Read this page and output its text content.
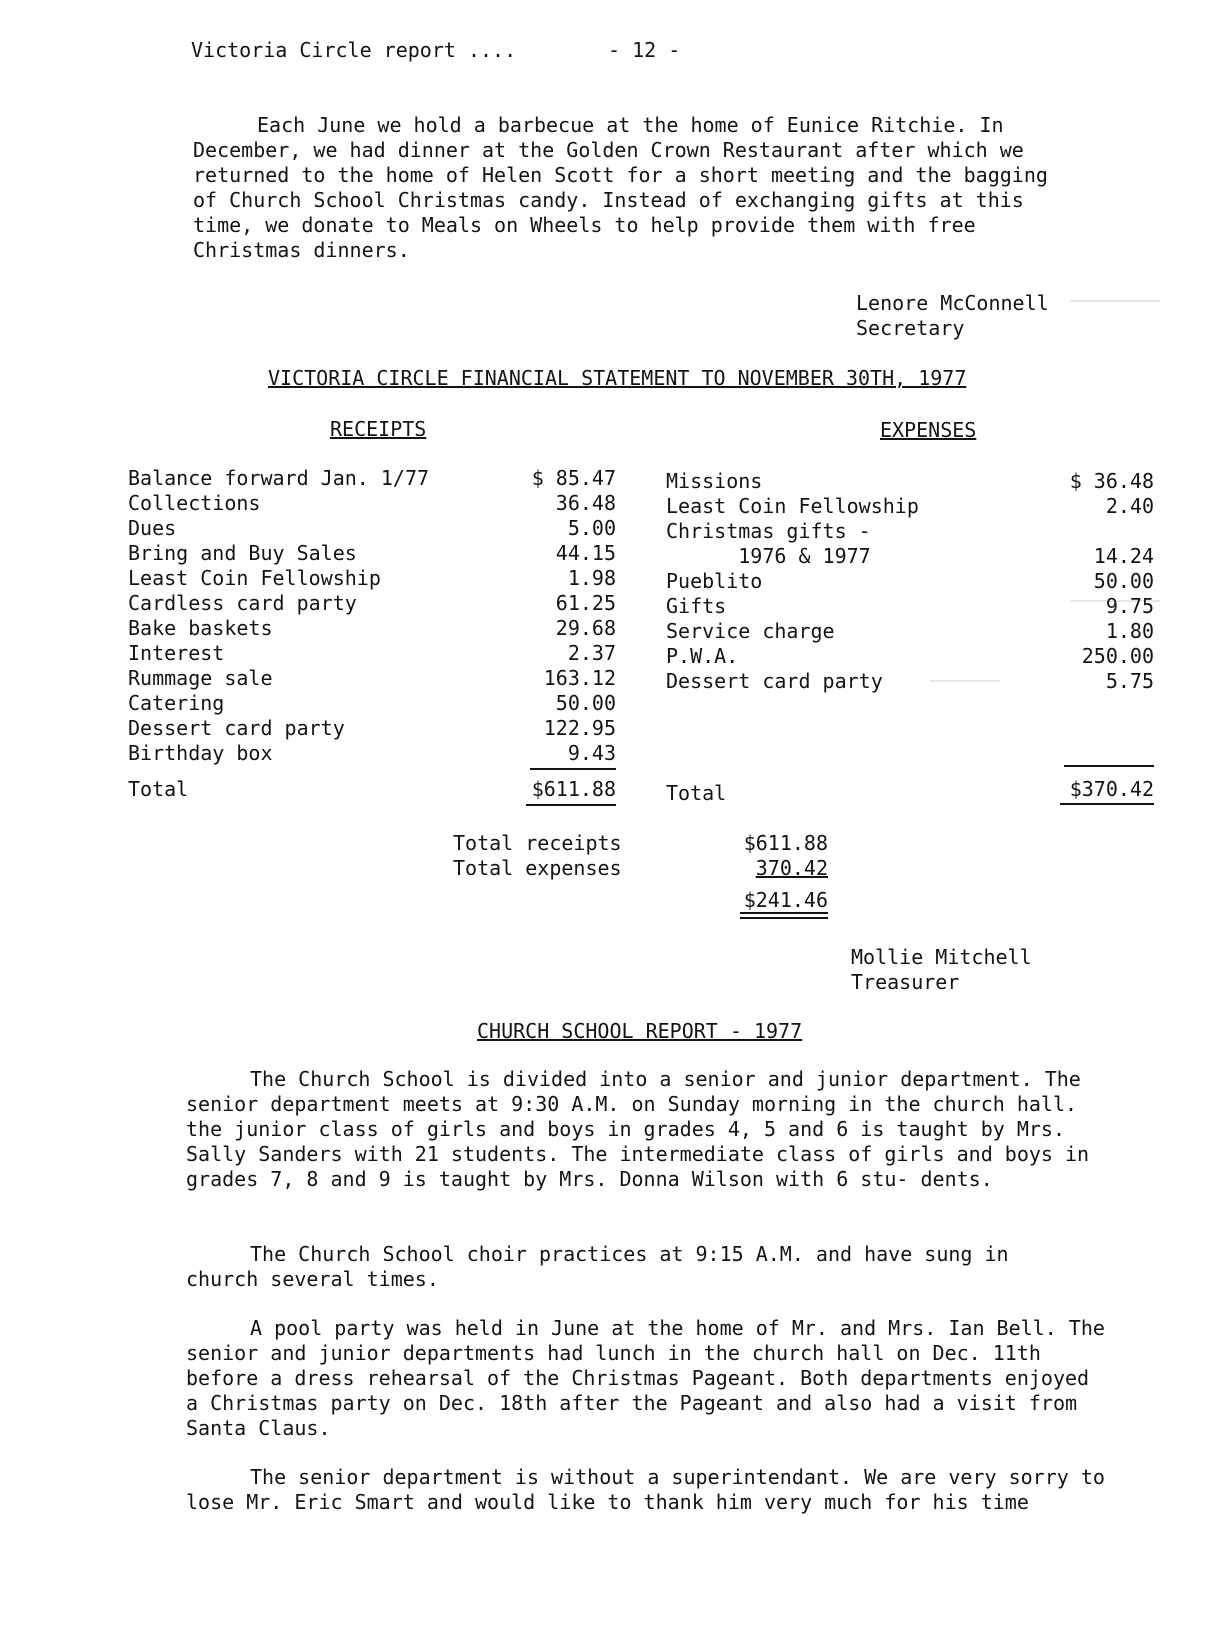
Victoria Circle report ....	- 12 -
Each June we hold a barbecue at the home of Eunice Ritchie. In December, we had dinner at the Golden Crown Restaurant after which we returned to the home of Helen Scott for a short meeting and the bagging of Church School Christmas candy. Instead of exchanging gifts at this time, we donate to Meals on Wheels to help provide them with free Christmas dinners.
Lenore McConnell
Secretary
VICTORIA CIRCLE FINANCIAL STATEMENT TO NOVEMBER 30TH, 1977
RECEIPTS	EXPENSES
Balance forward Jan. 1/77	$ 85.47
Collections	36.48
Dues	5.00
Bring and Buy Sales	44.15
Least Coin Fellowship	1.98
Cardless card party	61.25
Bake baskets	29.68
Interest	2.37
Rummage sale	163.12
Catering	50.00
Dessert card party	122.95
Birthday box	9.43
Total	$611.88
Missions	$ 36.48
Least Coin Fellowship	2.40
Christmas gifts -
1976 & 1977	14.24
Pueblito	50.00
Gifts	9.75
Service charge	1.80
P.W.A.	250.00
Dessert card party	5.75
Total	$370.42
Total receipts	$611.88
Total expenses	370.42
$241.46
Mollie Mitchell
Treasurer
CHURCH SCHOOL REPORT - 1977
The Church School is divided into a senior and junior department. The senior department meets at 9:30 A.M. on Sunday morning in the church hall. the junior class of girls and boys in grades 4, 5 and 6 is taught by Mrs. Sally Sanders with 21 students. The intermediate class of girls and boys in grades 7, 8 and 9 is taught by Mrs. Donna Wilson with 6 stu- dents.
The Church School choir practices at 9:15 A.M. and have sung in church several times.
A pool party was held in June at the home of Mr. and Mrs. Ian Bell. The senior and junior departments had lunch in the church hall on Dec. 11th before a dress rehearsal of the Christmas Pageant. Both departments enjoyed a Christmas party on Dec. 18th after the Pageant and also had a visit from Santa Claus.
The senior department is without a superintendant. We are very sorry to lose Mr. Eric Smart and would like to thank him very much for his time
